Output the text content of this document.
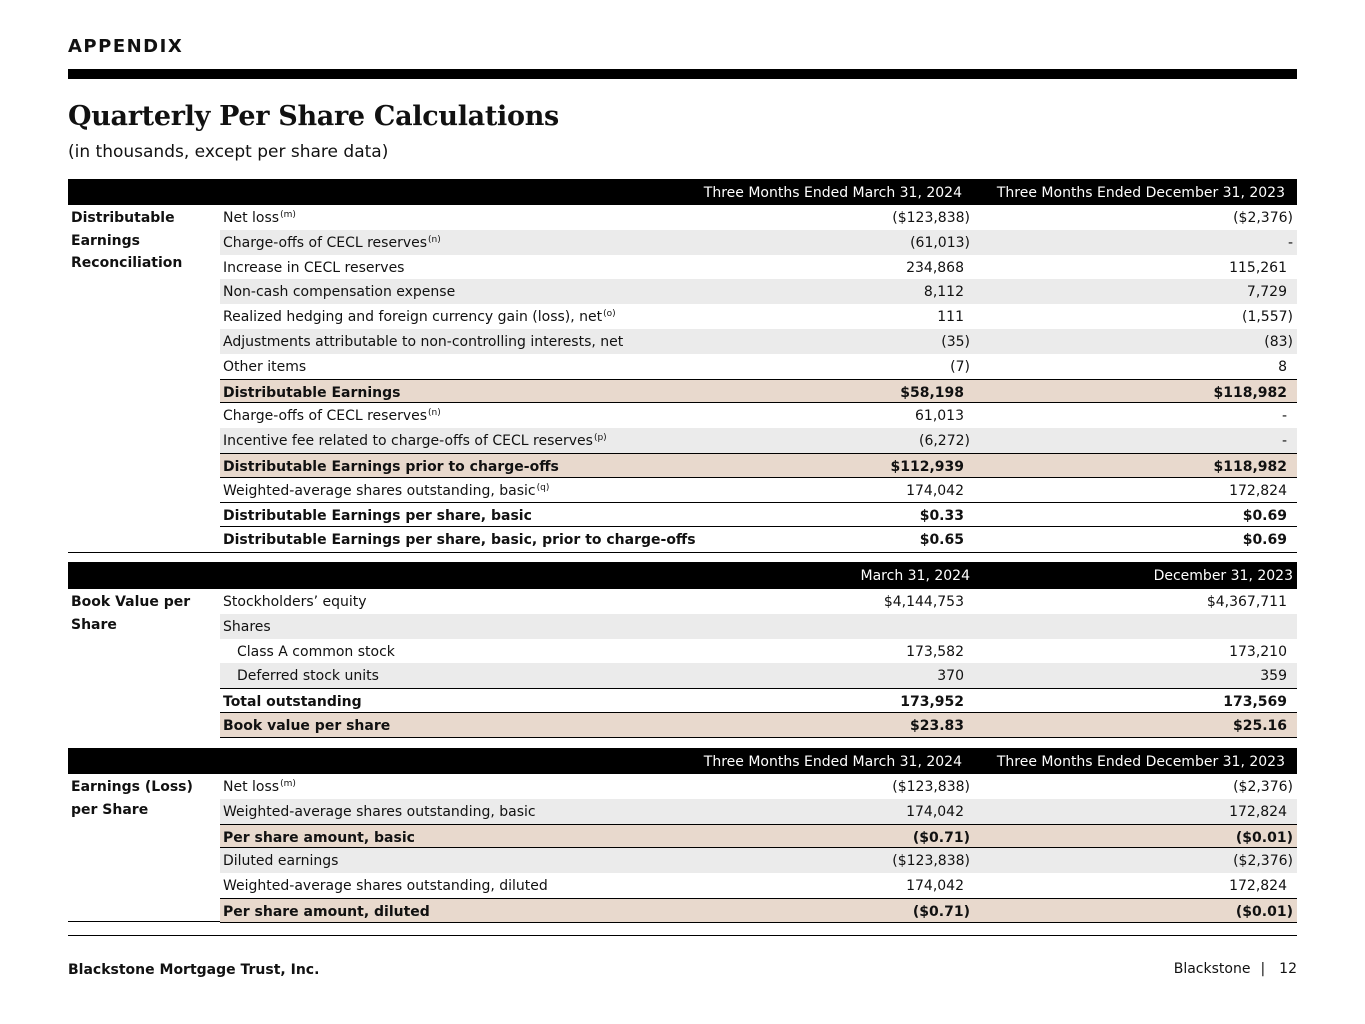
APPENDIX
Quarterly Per Share Calculations
(in thousands, except per share data)
Three Months Ended March 31, 2024 Three Months Ended December 31, 2023
Distributable Earnings Reconciliation
Net loss$^{(m)}$	($123,838)	($2,376)
Charge-offs of CECL reserves$^{(n)}$	(61,013)	-
Increase in CECL reserves	234,868	115,261
Non-cash compensation expense	8,112	7,729
Realized hedging and foreign currency gain (loss), net$^{(o)}$	111	(1,557)
Adjustments attributable to non-controlling interests, net	(35)	(83)
Other items	(7)	8
Distributable Earnings	$58,198	$118,982
Charge-offs of CECL reserves$^{(n)}$	61,013	-
Incentive fee related to charge-offs of CECL reserves$^{(p)}$	(6,272)	-
Distributable Earnings prior to charge-offs	$112,939	$118,982
Weighted-average shares outstanding, basic$^{(q)}$	174,042	172,824
Distributable Earnings per share, basic	$0.33	$0.69
Distributable Earnings per share, basic, prior to charge-offs	$0.65	$0.69
March 31, 2024	December 31, 2023
Book Value per Share
Stockholders’ equity	$4,144,753	$4,367,711
Shares
Class A common stock	173,582	173,210
Deferred stock units	370	359
Total outstanding	173,952	173,569
Book value per share	$23.83	$25.16
Three Months Ended March 31, 2024 Three Months Ended December 31, 2023
Earnings (Loss) per Share
Net loss$^{(m)}$	($123,838)	($2,376)
Weighted-average shares outstanding, basic	174,042	172,824
Per share amount, basic	($0.71)	($0.01)
Diluted earnings	($123,838)	($2,376)
Weighted-average shares outstanding, diluted	174,042	172,824
Per share amount, diluted	($0.71)	($0.01)
Blackstone Mortgage Trust, Inc.	Blackstone | 12
